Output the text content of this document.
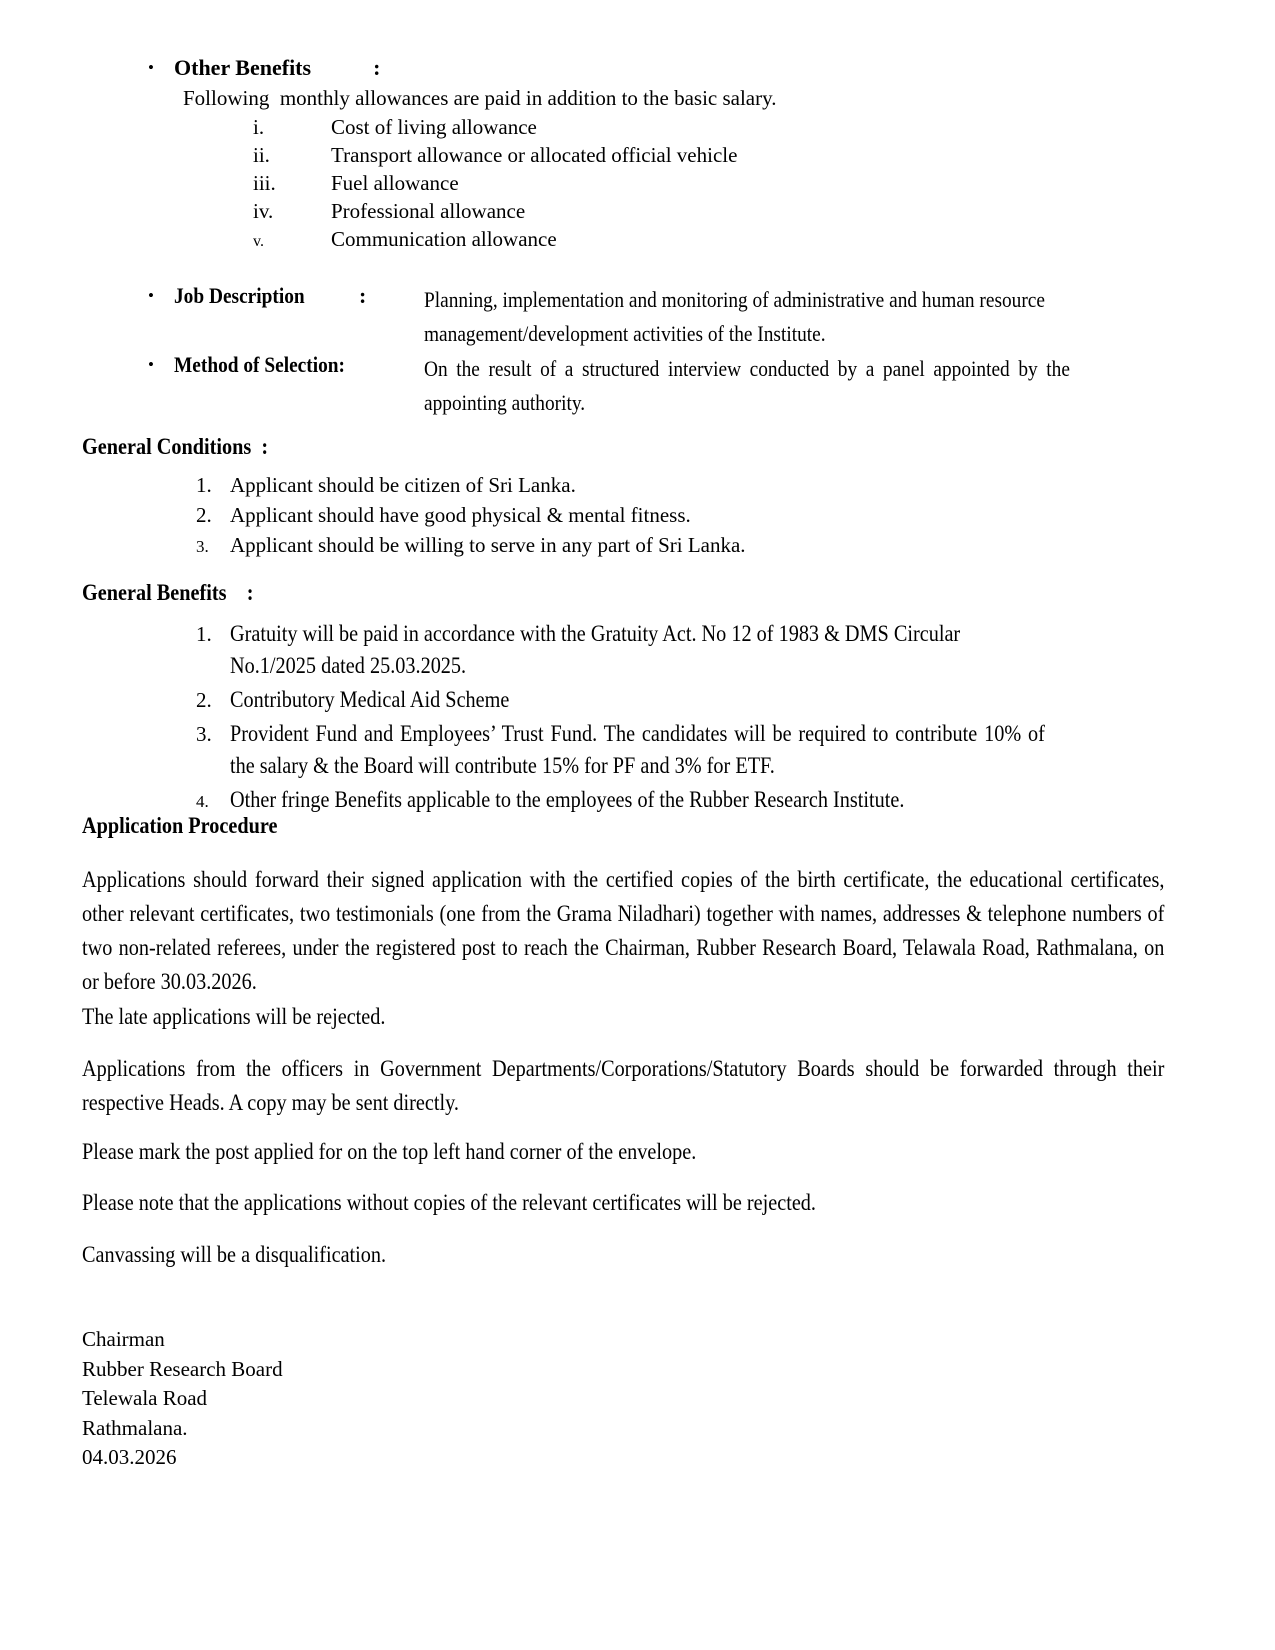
• Other Benefits	:
Following  monthly allowances are paid in addition to the basic salary.
i.	Cost of living allowance
ii.	Transport allowance or allocated official vehicle
iii.	Fuel allowance
iv.	Professional allowance
v.	Communication allowance
• Job Description	:	Planning, implementation and monitoring of administrative and human resource management/development activities of the Institute.
• Method of Selection:	On the result of a structured interview conducted by a panel appointed by the appointing authority.
General Conditions  :
1. Applicant should be citizen of Sri Lanka.
2. Applicant should have good physical & mental fitness.
3.	Applicant should be willing to serve in any part of Sri Lanka.
General Benefits    :
1. Gratuity will be paid in accordance with the Gratuity Act. No 12 of 1983 & DMS Circular No.1/2025 dated 25.03.2025.
2. Contributory Medical Aid Scheme
3. Provident Fund and Employees’ Trust Fund. The candidates will be required to contribute 10% of the salary & the Board will contribute 15% for PF and 3% for ETF.
4. Other fringe Benefits applicable to the employees of the Rubber Research Institute.
Application Procedure
Applications should forward their signed application with the certified copies of the birth certificate, the educational certificates, other relevant certificates, two testimonials (one from the Grama Niladhari) together with names, addresses & telephone numbers of two non-related referees, under the registered post to reach the Chairman, Rubber Research Board, Telawala Road, Rathmalana, on or before 30.03.2026.
The late applications will be rejected.
Applications from the officers in Government Departments/Corporations/Statutory Boards should be forwarded through their respective Heads. A copy may be sent directly.
Please mark the post applied for on the top left hand corner of the envelope.
Please note that the applications without copies of the relevant certificates will be rejected.
Canvassing will be a disqualification.
Chairman
Rubber Research Board
Telewala Road
Rathmalana.
04.03.2026
